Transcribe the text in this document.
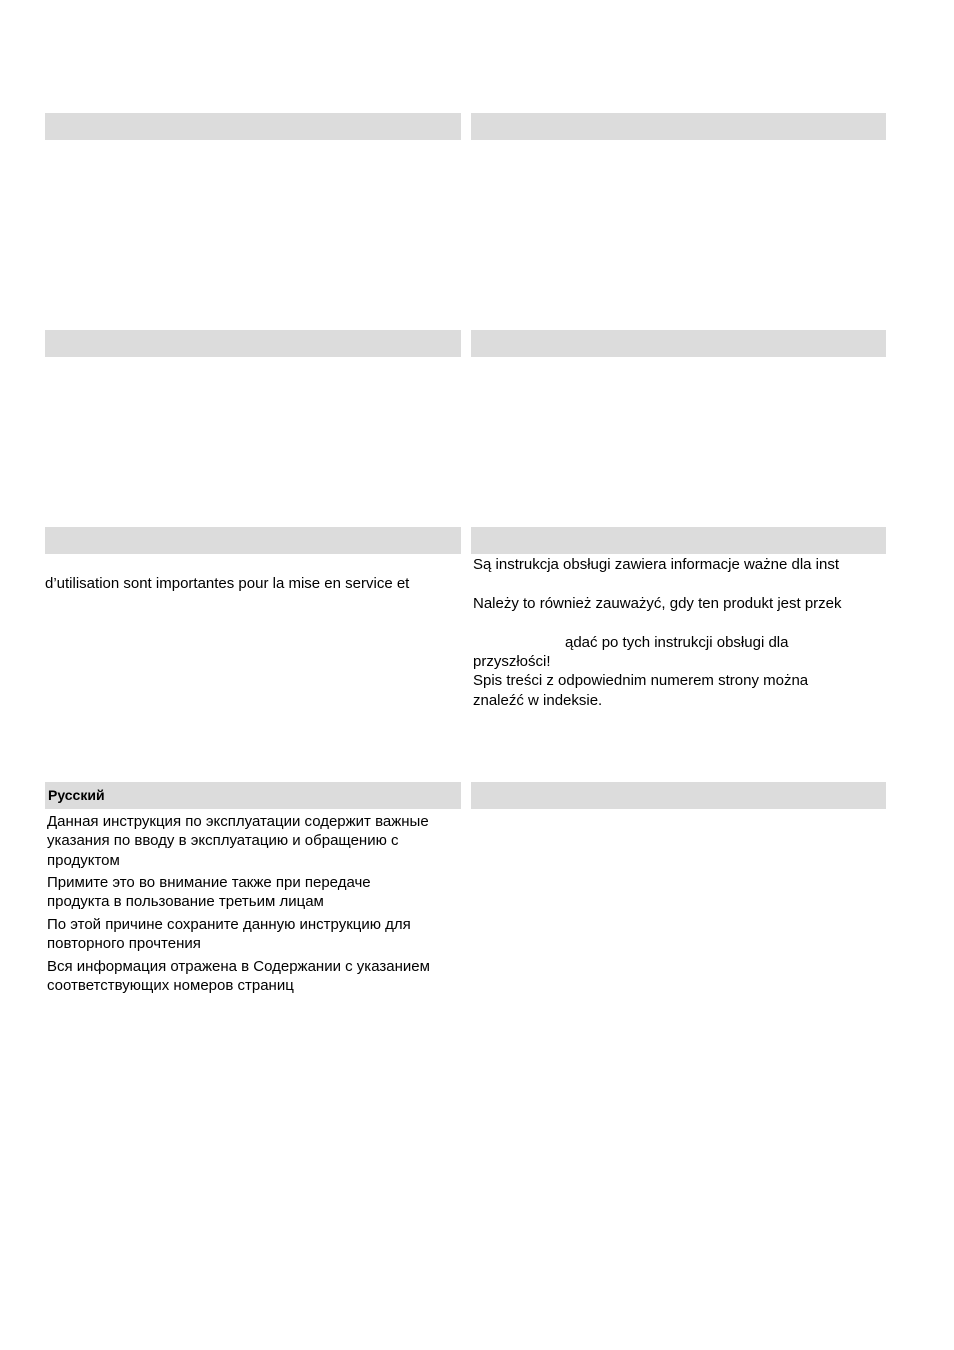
d’utilisation sont importantes pour la mise en service et
Są instrukcja obsługi zawiera informacje ważne dla inst
Należy to również zauważyć, gdy ten produkt jest przek
ądać po tych instrukcji obsługi dla
przyszłości!
Spis treści z odpowiednim numerem strony można
znaleźć w indeksie.
Русский
Данная инструкция по эксплуатации содержит важные
указания по вводу в эксплуатацию и обращению с
продуктом
Примите это во внимание также при передаче
продукта в пользование третьим лицам
По этой причине сохраните данную инструкцию для
повторного прочтения
Вся информация отражена в Содержании с указанием
соответствующих номеров страниц
